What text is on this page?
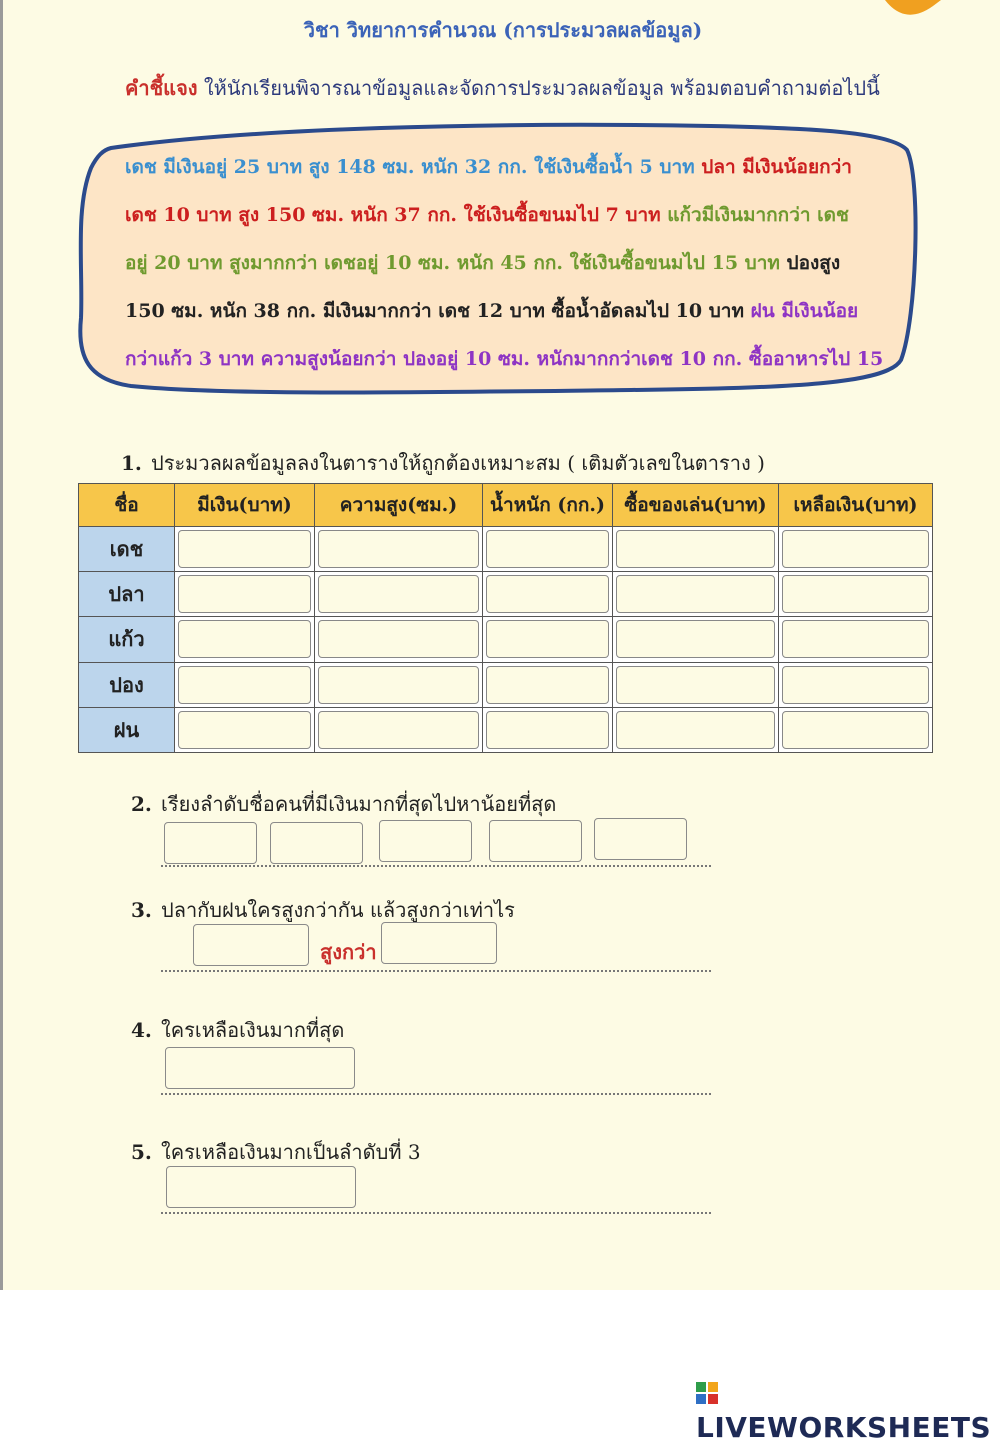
วิชา วิทยาการคำนวณ (การประมวลผลข้อมูล)
คำชี้แจง ให้นักเรียนพิจารณาข้อมูลและจัดการประมวลผลข้อมูล พร้อมตอบคำถามต่อไปนี้
เดช มีเงินอยู่ 25 บาท สูง 148 ซม. หนัก 32 กก. ใช้เงินซื้อน้ำ 5 บาท ปลา มีเงินน้อยกว่า
เดช 10 บาท สูง 150 ซม. หนัก 37 กก. ใช้เงินซื้อขนมไป 7 บาท แก้วมีเงินมากกว่า เดช
อยู่ 20 บาท สูงมากกว่า เดชอยู่ 10 ซม. หนัก 45 กก. ใช้เงินซื้อขนมไป 15 บาท ปองสูง
150 ซม. หนัก 38 กก. มีเงินมากกว่า เดช 12 บาท ซื้อน้ำอัดลมไป 10 บาท ฝน มีเงินน้อย
กว่าแก้ว 3 บาท ความสูงน้อยกว่า ปองอยู่ 10 ซม. หนักมากกว่าเดช 10 กก. ซื้ออาหารไป 15
1. ประมวลผลข้อมูลลงในตารางให้ถูกต้องเหมาะสม ( เติมตัวเลขในตาราง )
ชื่อ	มีเงิน(บาท)	ความสูง(ซม.)	น้ำหนัก (กก.)	ซื้อของเล่น(บาท)	เหลือเงิน(บาท)
เดช	

ปลา	

แก้ว	

ปอง	

ฝน	

2. เรียงลำดับชื่อคนที่มีเงินมากที่สุดไปหาน้อยที่สุด
3. ปลากับฝนใครสูงกว่ากัน แล้วสูงกว่าเท่าไร
สูงกว่า
4. ใครเหลือเงินมากที่สุด
5. ใครเหลือเงินมากเป็นลำดับที่ 3
LIVEWORKSHEETS
